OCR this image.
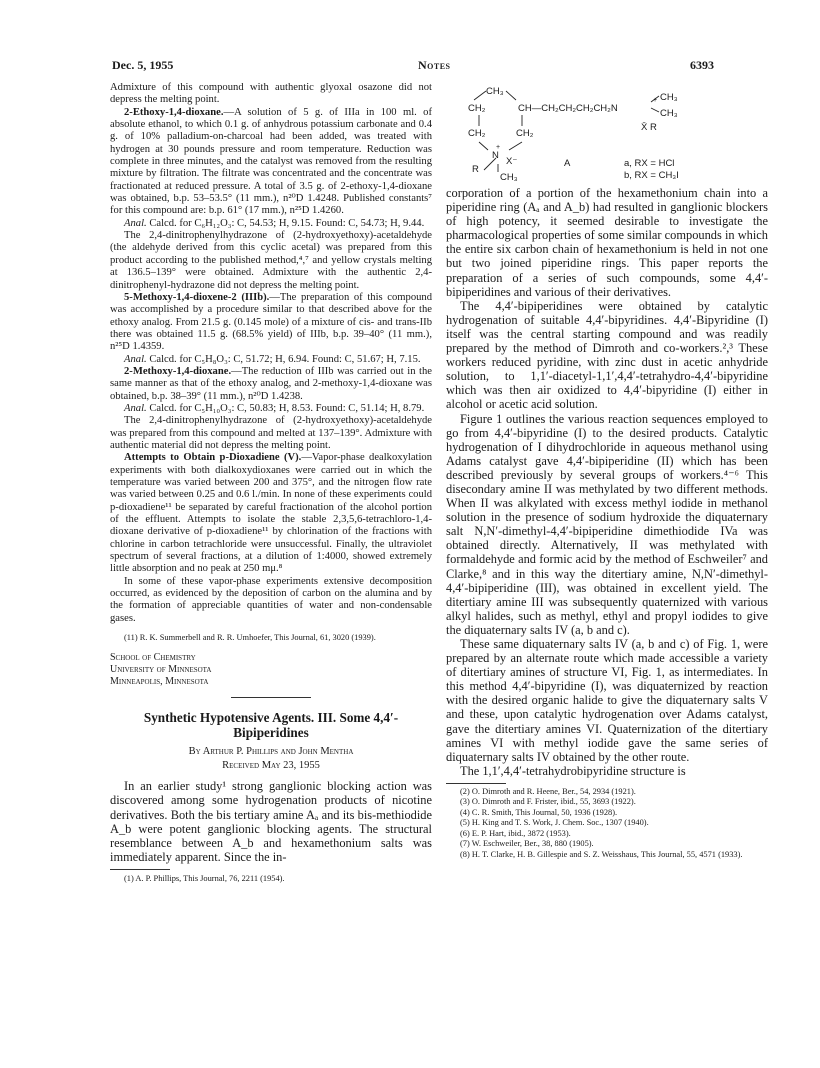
Dec. 5, 1955	Notes	6393

Admixture of this compound with authentic glyoxal osazone did not depress the melting point.

2-Ethoxy-1,4-dioxane.—A solution of 5 g. of IIIa in 100 ml. of absolute ethanol, to which 0.1 g. of anhydrous potassium carbonate and 0.4 g. of 10% palladium-on-charcoal had been added, was treated with hydrogen at 30 pounds pressure and room temperature. Reduction was complete in three minutes, and the catalyst was removed from the resulting mixture by filtration. The filtrate was concentrated and the concentrate was fractionated at reduced pressure. A total of 3.5 g. of 2-ethoxy-1,4-dioxane was obtained, b.p. 53–53.5° (11 mm.), n²⁰D 1.4248. Published constants⁷ for this compound are: b.p. 61° (17 mm.), n²⁵D 1.4260.

Anal. Calcd. for C₆H₁₂O₃: C, 54.53; H, 9.15. Found: C, 54.73; H, 9.44.

The 2,4-dinitrophenylhydrazone of (2-hydroxyethoxy)-acetaldehyde (the aldehyde derived from this cyclic acetal) was prepared from this product according to the published method,⁴,⁷ and yellow crystals melting at 136.5–139° were obtained. Admixture with the authentic 2,4-dinitrophenyl-hydrazone did not depress the melting point.

5-Methoxy-1,4-dioxene-2 (IIIb).—The preparation of this compound was accomplished by a procedure similar to that described above for the ethoxy analog. From 21.5 g. (0.145 mole) of a mixture of cis- and trans-IIb there was obtained 11.5 g. (68.5% yield) of IIIb, b.p. 39–40° (11 mm.), n²⁵D 1.4359.

Anal. Calcd. for C₅H₈O₃: C, 51.72; H, 6.94. Found: C, 51.67; H, 7.15.

2-Methoxy-1,4-dioxane.—The reduction of IIIb was carried out in the same manner as that of the ethoxy analog, and 2-methoxy-1,4-dioxane was obtained, b.p. 38–39° (11 mm.), n²⁰D 1.4238.

Anal. Calcd. for C₅H₁₀O₃: C, 50.83; H, 8.53. Found: C, 51.14; H, 8.79.

The 2,4-dinitrophenylhydrazone of (2-hydroxyethoxy)-acetaldehyde was prepared from this compound and melted at 137–139°. Admixture with authentic material did not depress the melting point.

Attempts to Obtain p-Dioxadiene (V).—Vapor-phase dealkoxylation experiments with both dialkoxydioxanes were carried out in which the temperature was varied between 200 and 375°, and the nitrogen flow rate was varied between 0.25 and 0.6 l./min. In none of these experiments could p-dioxadiene¹¹ be separated by careful fractionation of the alcohol portion of the effluent. Attempts to isolate the stable 2,3,5,6-tetrachloro-1,4-dioxane derivative of p-dioxadiene¹¹ by chlorination of the fractions with chlorine in carbon tetrachloride were unsuccessful. Finally, the ultraviolet spectrum of several fractions, at a dilution of 1:4000, showed extremely little absorption and no peak at 250 mμ.⁸

In some of these vapor-phase experiments extensive decomposition occurred, as evidenced by the deposition of carbon on the alumina and by the formation of appreciable quantities of water and non-condensable gases.

(11) R. K. Summerbell and R. R. Umhoefer, This Journal, 61, 3020 (1939).

School of Chemistry

University of Minnesota

Minneapolis, Minnesota

Synthetic Hypotensive Agents. III. Some 4,4′-Bipiperidines

By Arthur P. Phillips and John Mentha

Received May 23, 1955

In an earlier study¹ strong ganglionic blocking action was discovered among some hydrogenation products of nicotine derivatives. Both the bis tertiary amine Aₐ and its bis-methiodide A_b were potent ganglionic blocking agents. The structural resemblance between A_b and hexamethonium salts was immediately apparent. Since the in-

(1) A. P. Phillips, This Journal, 76, 2211 (1954).

CH₃
CH₂	CH—CH₂CH₂CH₂CH₂N
+ CH₃
CH₃
CH₂	CH₂
X̄ R
N
+
X⁻
R
CH₃
A	a, RX = HCl
b, RX = CH₃I

corporation of a portion of the hexamethonium chain into a piperidine ring (Aₐ and A_b) had resulted in ganglionic blockers of high potency, it seemed desirable to investigate the pharmacological properties of some similar compounds in which the entire six carbon chain of hexamethonium is held in not one but two joined piperidine rings. This paper reports the preparation of a series of such compounds, some 4,4′-bipiperidines and various of their derivatives.

The 4,4′-bipiperidines were obtained by catalytic hydrogenation of suitable 4,4′-bipyridines. 4,4′-Bipyridine (I) itself was the central starting compound and was readily prepared by the method of Dimroth and co-workers.²,³ These workers reduced pyridine, with zinc dust in acetic anhydride solution, to 1,1′-diacetyl-1,1′,4,4′-tetrahydro-4,4′-bipyridine which was then air oxidized to 4,4′-bipyridine (I) either in alcohol or acetic acid solution.

Figure 1 outlines the various reaction sequences employed to go from 4,4′-bipyridine (I) to the desired products. Catalytic hydrogenation of I dihydrochloride in aqueous methanol using Adams catalyst gave 4,4′-bipiperidine (II) which has been described previously by several groups of workers.⁴⁻⁶ This disecondary amine II was methylated by two different methods. When II was alkylated with excess methyl iodide in methanol solution in the presence of sodium hydroxide the diquaternary salt N,N′-dimethyl-4,4′-bipiperidine dimethiodide IVa was obtained directly. Alternatively, II was methylated with formaldehyde and formic acid by the method of Eschweiler⁷ and Clarke,⁸ and in this way the ditertiary amine, N,N′-dimethyl-4,4′-bipiperidine (III), was obtained in excellent yield. The ditertiary amine III was subsequently quaternized with various alkyl halides, such as methyl, ethyl and propyl iodides to give the diquaternary salts IV (a, b and c).

These same diquaternary salts IV (a, b and c) of Fig. 1, were prepared by an alternate route which made accessible a variety of ditertiary amines of structure VI, Fig. 1, as intermediates. In this method 4,4′-bipyridine (I), was diquaternized by reaction with the desired organic halide to give the diquaternary salts V and these, upon catalytic hydrogenation over Adams catalyst, gave the ditertiary amines VI. Quaternization of the ditertiary amines VI with methyl iodide gave the same series of diquaternary salts IV obtained by the other route.

The 1,1′,4,4′-tetrahydrobipyridine structure is

(2) O. Dimroth and R. Heene, Ber., 54, 2934 (1921).

(3) O. Dimroth and F. Frister, ibid., 55, 3693 (1922).

(4) C. R. Smith, This Journal, 50, 1936 (1928).

(5) H. King and T. S. Work, J. Chem. Soc., 1307 (1940).

(6) E. P. Hart, ibid., 3872 (1953).

(7) W. Eschweiler, Ber., 38, 880 (1905).

(8) H. T. Clarke, H. B. Gillespie and S. Z. Weisshaus, This Journal, 55, 4571 (1933).
